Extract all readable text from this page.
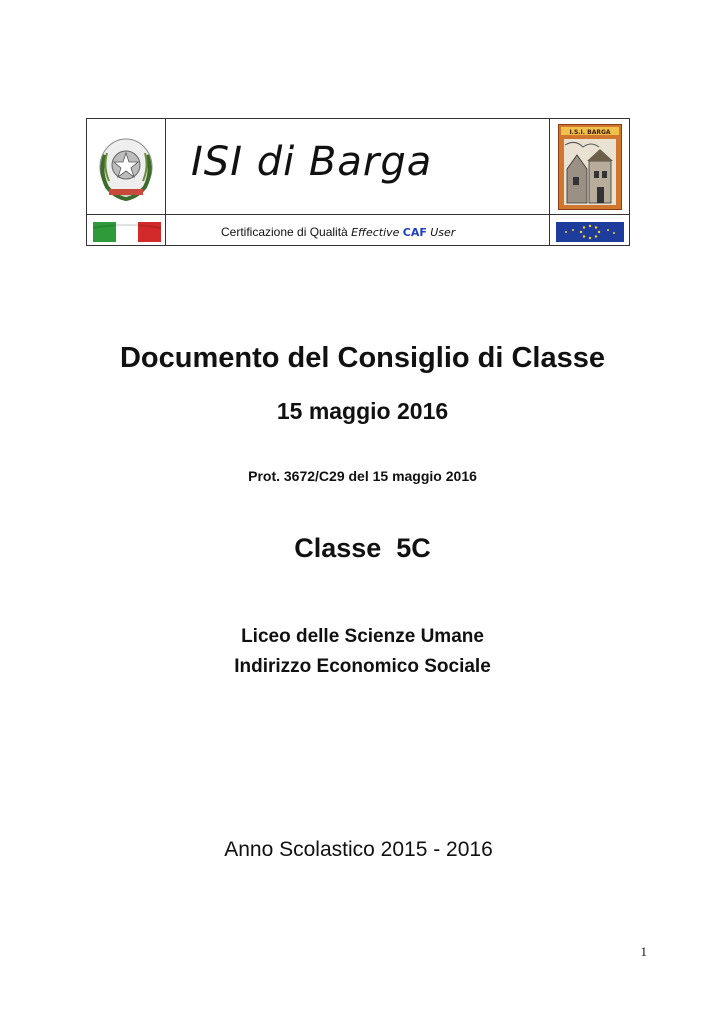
ISI di Barga
I.S.I. BARGA
Certificazione di Qualità Effective CAF User
Documento del Consiglio di Classe
15 maggio 2016
Prot. 3672/C29 del 15 maggio 2016
Classe  5C
Liceo delle Scienze Umane
Indirizzo Economico Sociale
Anno Scolastico 2015 - 2016
1
